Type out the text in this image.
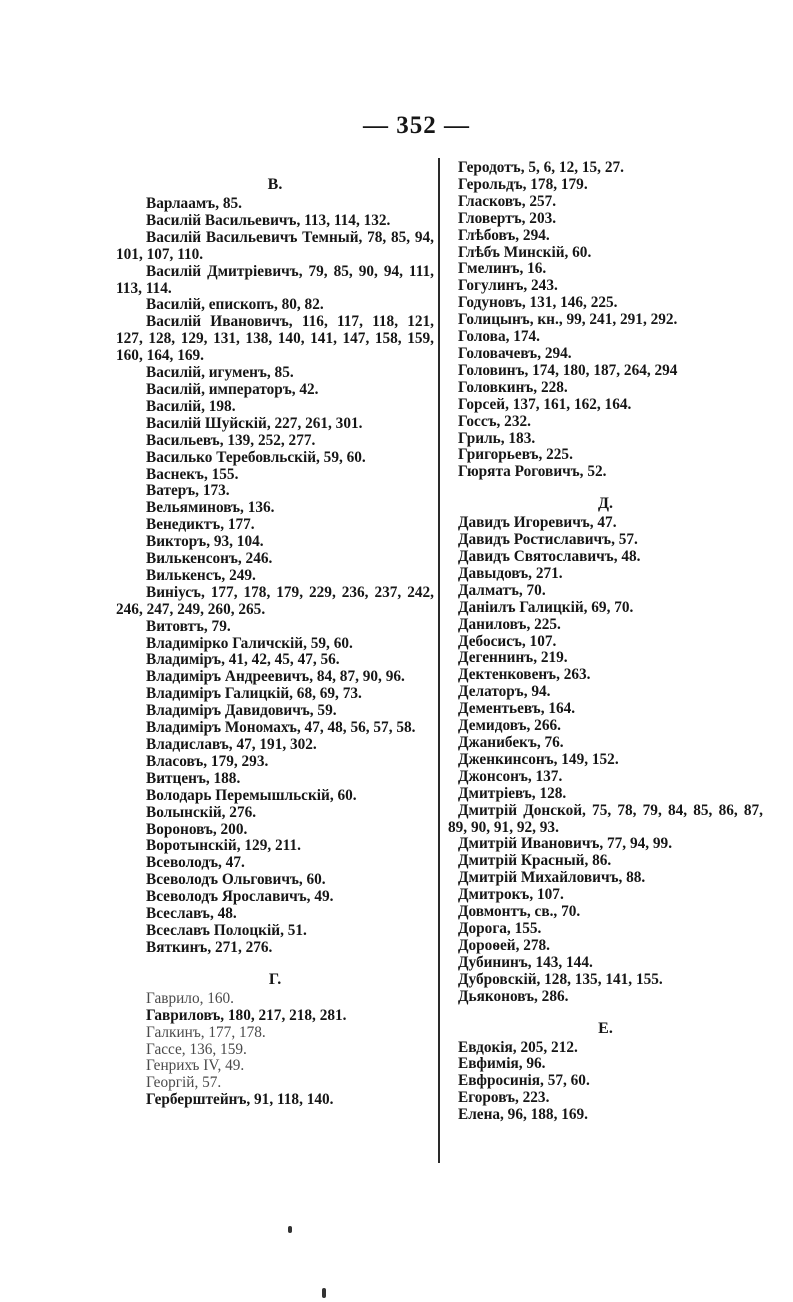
— 352 —
В.

Варлаамъ, 85.

Василій Васильевичъ, 113, 114, 132.

Василій Васильевичъ Темный, 78, 85, 94, 101, 107, 110.

Василій Дмитріевичъ, 79, 85, 90, 94, 111, 113, 114.

Василій, епископъ, 80, 82.

Василій Ивановичъ, 116, 117, 118, 121, 127, 128, 129, 131, 138, 140, 141, 147, 158, 159, 160, 164, 169.

Василій, игуменъ, 85.

Василій, императоръ, 42.

Василій, 198.

Василій Шуйскій, 227, 261, 301.

Васильевъ, 139, 252, 277.

Василько Теребовльскій, 59, 60.

Васнекъ, 155.

Ватеръ, 173.

Вельяминовъ, 136.

Венедиктъ, 177.

Викторъ, 93, 104.

Вилькенсонъ, 246.

Вилькенсъ, 249.

Виніусъ, 177, 178, 179, 229, 236, 237, 242, 246, 247, 249, 260, 265.

Витовтъ, 79.

Владимірко Галичскій, 59, 60.

Владиміръ, 41, 42, 45, 47, 56.

Владиміръ Андреевичъ, 84, 87, 90, 96.

Владиміръ Галицкій, 68, 69, 73.

Владиміръ Давидовичъ, 59.

Владиміръ Мономахъ, 47, 48, 56, 57, 58.

Владиславъ, 47, 191, 302.

Власовъ, 179, 293.

Витценъ, 188.

Володарь Перемышльскій, 60.

Волынскій, 276.

Вороновъ, 200.

Воротынскій, 129, 211.

Всеволодъ, 47.

Всеволодъ Ольговичъ, 60.

Всеволодъ Ярославичъ, 49.

Всеславъ, 48.

Всеславъ Полоцкій, 51.

Вяткинъ, 271, 276.

Г.

Гаврило, 160.

Гавриловъ, 180, 217, 218, 281.

Галкинъ, 177, 178.

Гассе, 136, 159.

Генрихъ IV, 49.

Георгій, 57.

Герберштейнъ, 91, 118, 140.

Геродотъ, 5, 6, 12, 15, 27.

Герольдъ, 178, 179.

Гласковъ, 257.

Гловертъ, 203.

Глѣбовъ, 294.

Глѣбъ Минскій, 60.

Гмелинъ, 16.

Гогулинъ, 243.

Годуновъ, 131, 146, 225.

Голицынъ, кн., 99, 241, 291, 292.

Голова, 174.

Головачевъ, 294.

Головинъ, 174, 180, 187, 264, 294

Головкинъ, 228.

Горсей, 137, 161, 162, 164.

Госсъ, 232.

Гриль, 183.

Григорьевъ, 225.

Гюрята Роговичъ, 52.

Д.

Давидъ Игоревичъ, 47.

Давидъ Ростиславичъ, 57.

Давидъ Святославичъ, 48.

Давыдовъ, 271.

Далматъ, 70.

Даніилъ Галицкій, 69, 70.

Даниловъ, 225.

Дебосисъ, 107.

Дегеннинъ, 219.

Дектенковенъ, 263.

Делаторъ, 94.

Дементьевъ, 164.

Демидовъ, 266.

Джанибекъ, 76.

Дженкинсонъ, 149, 152.

Джонсонъ, 137.

Дмитріевъ, 128.

Дмитрій Донской, 75, 78, 79, 84, 85, 86, 87, 89, 90, 91, 92, 93.

Дмитрій Ивановичъ, 77, 94, 99.

Дмитрій Красный, 86.

Дмитрій Михайловичъ, 88.

Дмитрокъ, 107.

Довмонтъ, св., 70.

Дорога, 155.

Дороѳей, 278.

Дубининъ, 143, 144.

Дубровскій, 128, 135, 141, 155.

Дьяконовъ, 286.

Е.

Евдокія, 205, 212.

Евфимія, 96.

Евфросинія, 57, 60.

Егоровъ, 223.

Елена, 96, 188, 169.
